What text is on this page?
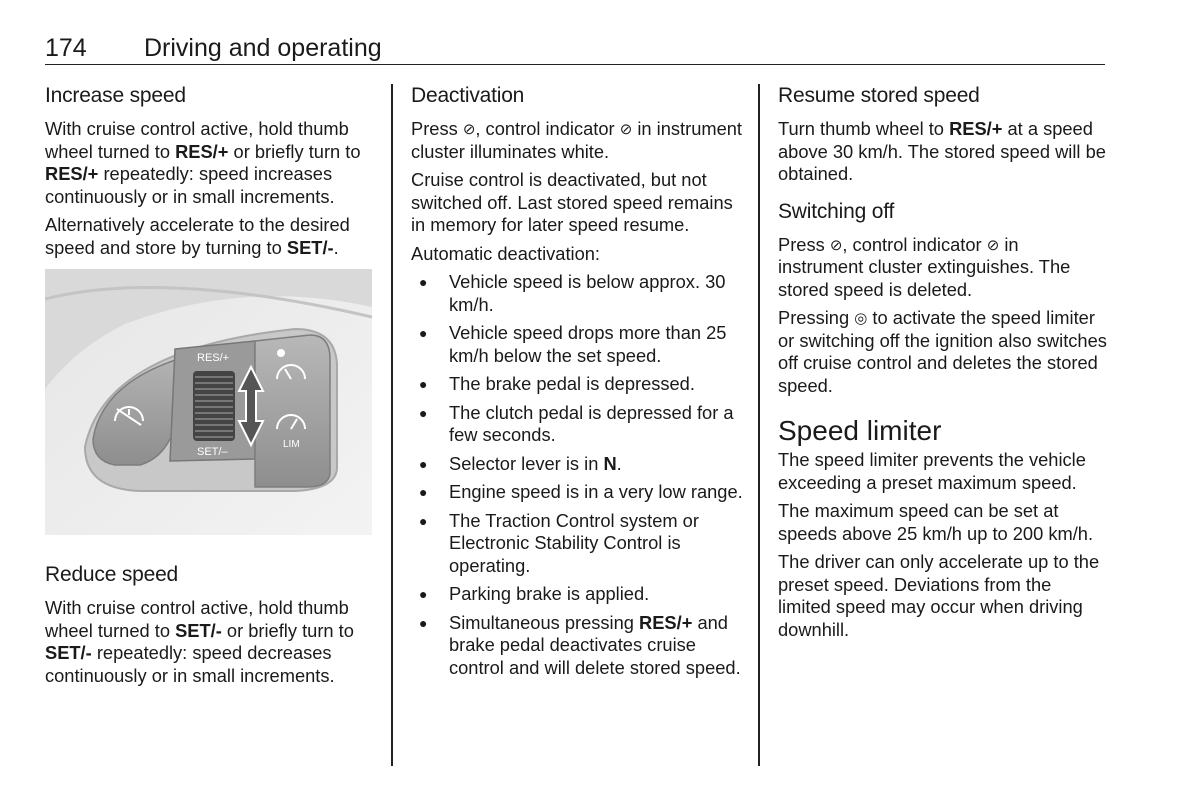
174 Driving and operating
Increase speed

With cruise control active, hold thumb wheel turned to RES/+ or briefly turn to RES/+ repeatedly: speed increases continuously or in small increments.

Alternatively accelerate to the desired speed and store by turning to SET/-.

RES/+
SET/–
LIM
Reduce speed

With cruise control active, hold thumb wheel turned to SET/- or briefly turn to SET/- repeatedly: speed decreases continuously or in small increments.

Deactivation

Press ⊘, control indicator ⊘ in instrument cluster illuminates white.

Cruise control is deactivated, but not switched off. Last stored speed remains in memory for later speed resume.

Automatic deactivation:

● Vehicle speed is below approx. 30 km/h.
● Vehicle speed drops more than 25 km/h below the set speed.
● The brake pedal is depressed.
● The clutch pedal is depressed for a few seconds.
● Selector lever is in N.
● Engine speed is in a very low range.
● The Traction Control system or Electronic Stability Control is operating.
● Parking brake is applied.
● Simultaneous pressing RES/+ and brake pedal deactivates cruise control and will delete stored speed.
Resume stored speed

Turn thumb wheel to RES/+ at a speed above 30 km/h. The stored speed will be obtained.

Switching off

Press ⊘, control indicator ⊘ in instrument cluster extinguishes. The stored speed is deleted.

Pressing ◎ to activate the speed limiter or switching off the ignition also switches off cruise control and deletes the stored speed.

Speed limiter

The speed limiter prevents the vehicle exceeding a preset maximum speed.

The maximum speed can be set at speeds above 25 km/h up to 200 km/h.

The driver can only accelerate up to the preset speed. Deviations from the limited speed may occur when driving downhill.
